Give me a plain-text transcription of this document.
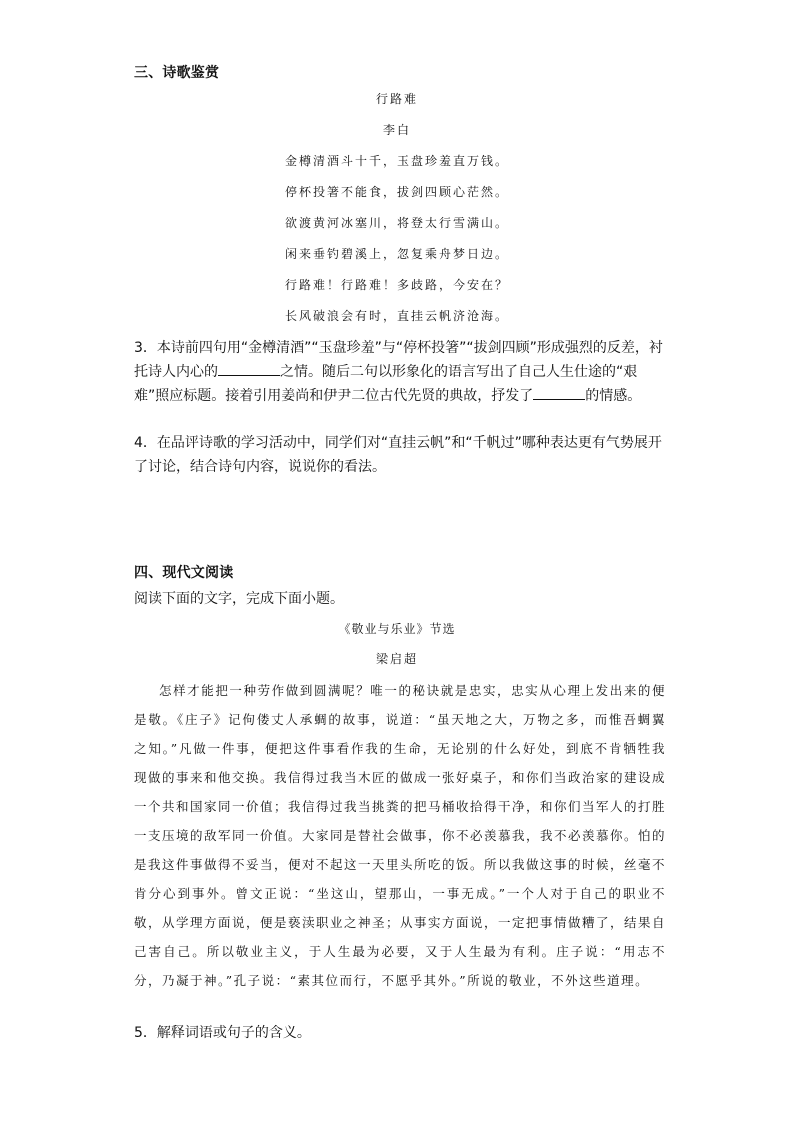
三、诗歌鉴赏
行路难
李白
金樽清酒斗十千，玉盘珍羞直万钱。
停杯投箸不能食，拔剑四顾心茫然。
欲渡黄河冰塞川，将登太行雪满山。
闲来垂钓碧溪上，忽复乘舟梦日边。
行路难！行路难！多歧路，今安在？
长风破浪会有时，直挂云帆济沧海。

3．本诗前四句用“金樽清酒”“玉盘珍羞”与“停杯投箸”“拔剑四顾”形成强烈的反差，衬托诗人内心的	之情。随后二句以形象化的语言写出了自己人生仕途的“艰难”照应标题。接着引用姜尚和伊尹二位古代先贤的典故，抒发了	的情感。

4．在品评诗歌的学习活动中，同学们对“直挂云帆”和“千帆过”哪种表达更有气势展开了讨论，结合诗句内容，说说你的看法。

四、现代文阅读
阅读下面的文字，完成下面小题。
《敬业与乐业》节选
梁启超

怎样才能把一种劳作做到圆满呢？唯一的秘诀就是忠实，忠实从心理上发出来的便是敬。《庄子》记佝偻丈人承蜩的故事，说道：“虽天地之大，万物之多，而惟吾蜩翼之知。”凡做一件事，便把这件事看作我的生命，无论别的什么好处，到底不肯牺牲我现做的事来和他交换。我信得过我当木匠的做成一张好桌子，和你们当政治家的建设成一个共和国家同一价值；我信得过我当挑粪的把马桶收拾得干净，和你们当军人的打胜一支压境的敌军同一价值。大家同是替社会做事，你不必羡慕我，我不必羡慕你。怕的是我这件事做得不妥当，便对不起这一天里头所吃的饭。所以我做这事的时候，丝毫不肯分心到事外。曾文正说：“坐这山，望那山，一事无成。”一个人对于自己的职业不敬，从学理方面说，便是亵渎职业之神圣；从事实方面说，一定把事情做糟了，结果自己害自己。所以敬业主义，于人生最为必要，又于人生最为有利。庄子说：“用志不分，乃凝于神。”孔子说：“素其位而行，不愿乎其外。”所说的敬业，不外这些道理。

5．解释词语或句子的含义。
